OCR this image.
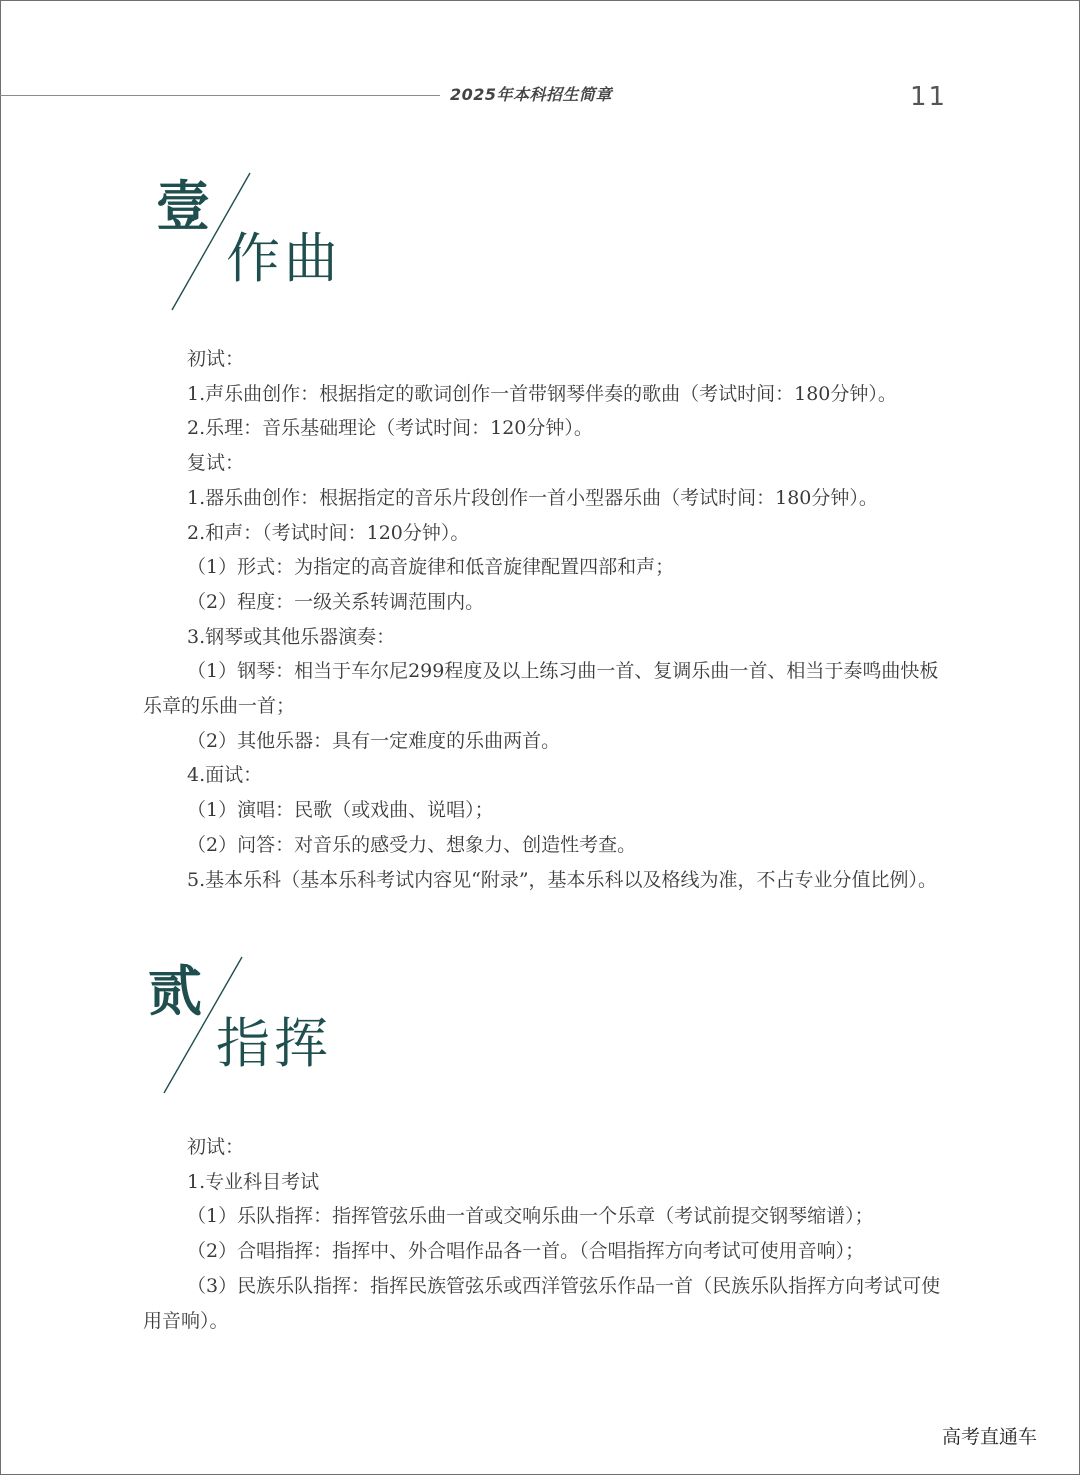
2025年本科招生简章	11
壹
作曲

初试：

1.声乐曲创作：根据指定的歌词创作一首带钢琴伴奏的歌曲（考试时间：180分钟）。

2.乐理：音乐基础理论（考试时间：120分钟）。

复试：

1.器乐曲创作：根据指定的音乐片段创作一首小型器乐曲（考试时间：180分钟）。

2.和声：（考试时间：120分钟）。

（1）形式：为指定的高音旋律和低音旋律配置四部和声；

（2）程度：一级关系转调范围内。

3.钢琴或其他乐器演奏：

（1）钢琴：相当于车尔尼299程度及以上练习曲一首、复调乐曲一首、相当于奏鸣曲快板乐章的乐曲一首；

（2）其他乐器：具有一定难度的乐曲两首。

4.面试：

（1）演唱：民歌（或戏曲、说唱）；

（2）问答：对音乐的感受力、想象力、创造性考查。

5.基本乐科（基本乐科考试内容见“附录”，基本乐科以及格线为准，不占专业分值比例）。

贰
指挥

初试：

1.专业科目考试

（1）乐队指挥：指挥管弦乐曲一首或交响乐曲一个乐章（考试前提交钢琴缩谱）；

（2）合唱指挥：指挥中、外合唱作品各一首。（合唱指挥方向考试可使用音响）；

（3）民族乐队指挥：指挥民族管弦乐或西洋管弦乐作品一首（民族乐队指挥方向考试可使用音响）。

高考直通车
